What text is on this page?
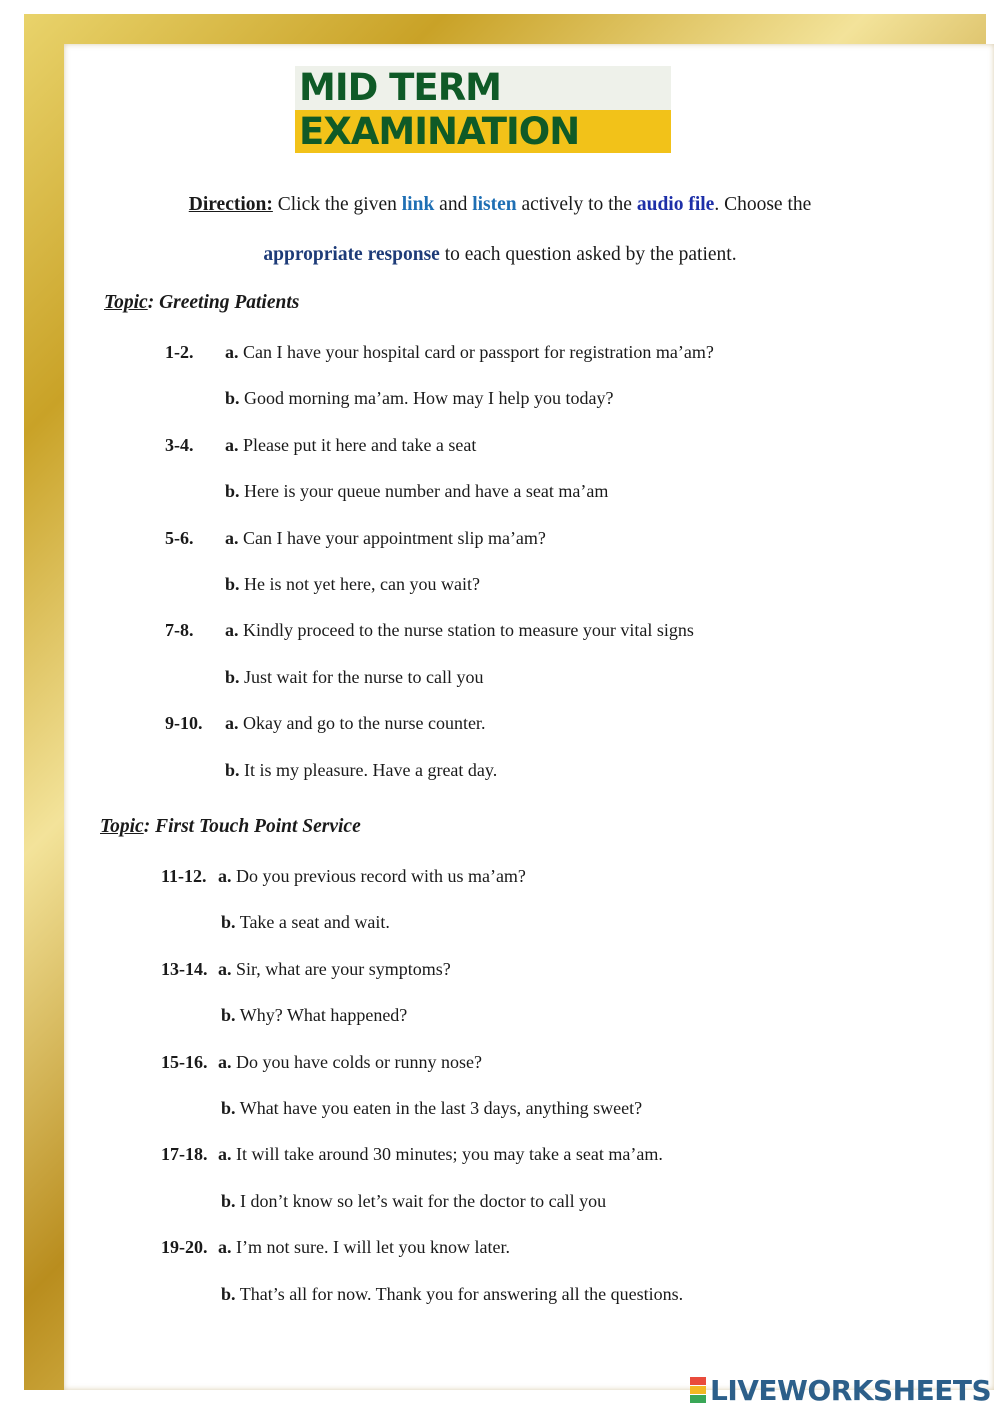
MID TERM
EXAMINATION
Direction: Click the given link and listen actively to the audio file. Choose the
appropriate response to each question asked by the patient.
Topic: Greeting Patients
1-2. a. Can I have your hospital card or passport for registration ma’am?
b. Good morning ma’am. How may I help you today?
3-4. a. Please put it here and take a seat
b. Here is your queue number and have a seat ma’am
5-6. a. Can I have your appointment slip ma’am?
b. He is not yet here, can you wait?
7-8. a. Kindly proceed to the nurse station to measure your vital signs
b. Just wait for the nurse to call you
9-10. a. Okay and go to the nurse counter.
b. It is my pleasure. Have a great day.
Topic: First Touch Point Service
11-12. a. Do you previous record with us ma’am?
b. Take a seat and wait.
13-14. a. Sir, what are your symptoms?
b. Why? What happened?
15-16. a. Do you have colds or runny nose?
b. What have you eaten in the last 3 days, anything sweet?
17-18. a. It will take around 30 minutes; you may take a seat ma’am.
b. I don’t know so let’s wait for the doctor to call you
19-20. a. I’m not sure. I will let you know later.
b. That’s all for now. Thank you for answering all the questions.
LIVEWORKSHEETS
